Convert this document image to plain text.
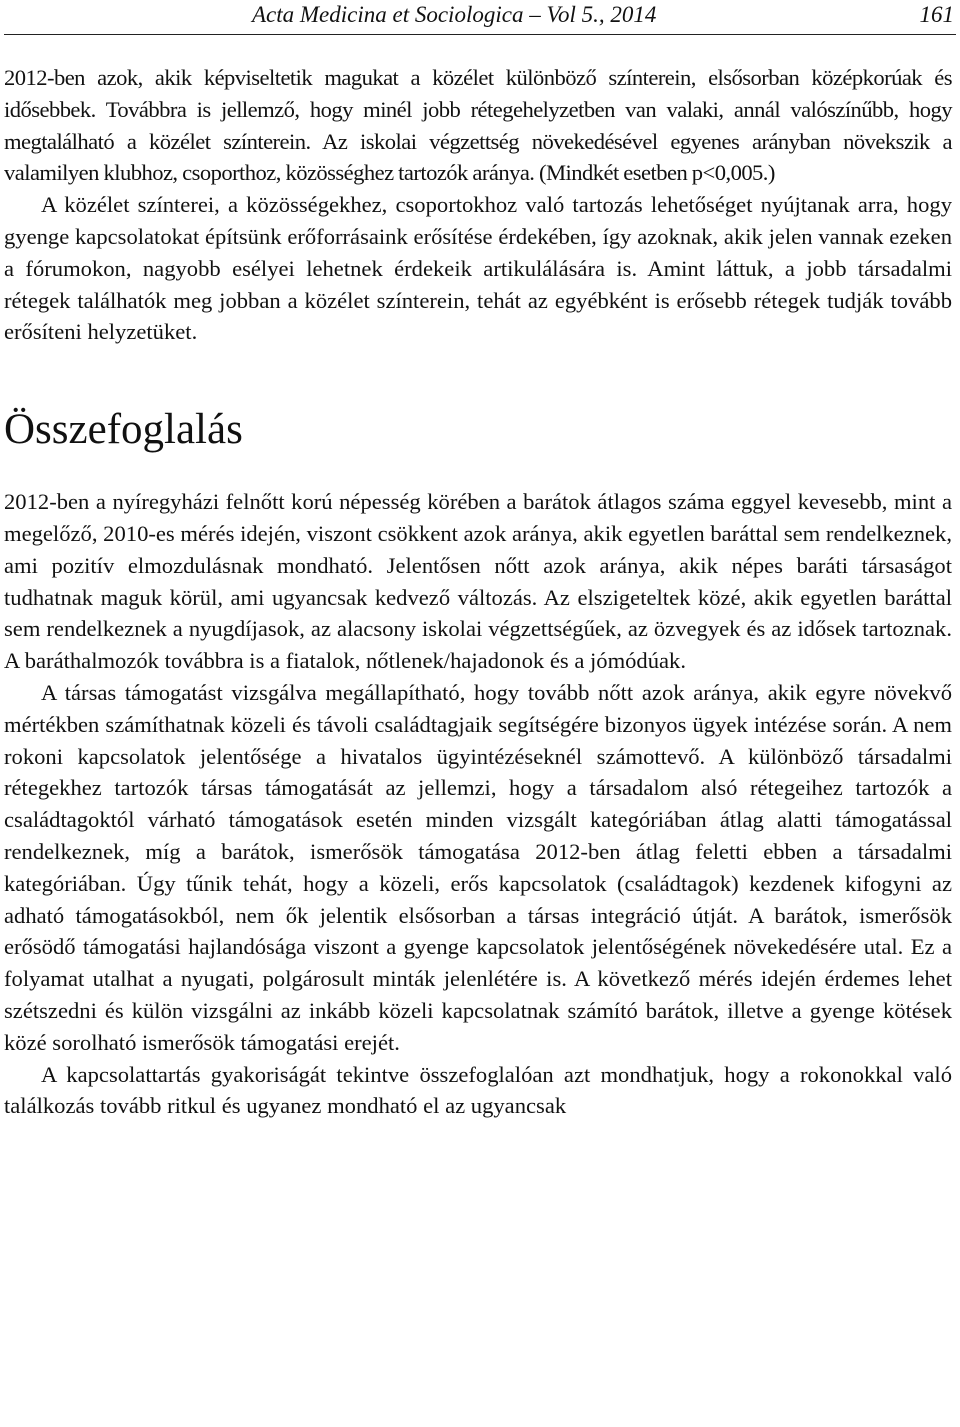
Acta Medicina et Sociologica – Vol 5., 2014	161

2012-ben azok, akik képviseltetik magukat a közélet különböző színterein, elsősorban középkorúak és idősebbek. Továbbra is jellemző, hogy minél jobb rétegehelyzetben van valaki, annál valószínűbb, hogy megtalálható a közélet színterein. Az iskolai végzettség növekedésével egyenes arányban növekszik a valamilyen klubhoz, csoporthoz, közösséghez tartozók aránya. (Mindkét esetben p<0,005.)

A közélet színterei, a közösségekhez, csoportokhoz való tartozás lehetőséget nyújtanak arra, hogy gyenge kapcsolatokat építsünk erőforrásaink erősítése érdekében, így azoknak, akik jelen vannak ezeken a fórumokon, nagyobb esélyei lehetnek érdekeik artikulálására is. Amint láttuk, a jobb társadalmi rétegek találhatók meg jobban a közélet színterein, tehát az egyébként is erősebb rétegek tudják tovább erősíteni helyzetüket.

Összefoglalás

2012-ben a nyíregyházi felnőtt korú népesség körében a barátok átlagos száma eggyel kevesebb, mint a megelőző, 2010-es mérés idején, viszont csökkent azok aránya, akik egyetlen baráttal sem rendelkeznek, ami pozitív elmozdulásnak mondható. Jelentősen nőtt azok aránya, akik népes baráti társaságot tudhatnak maguk körül, ami ugyancsak kedvező változás. Az elszigeteltek közé, akik egyetlen baráttal sem rendelkeznek a nyugdíjasok, az alacsony iskolai végzettségűek, az özvegyek és az idősek tartoznak. A baráthalmozók továbbra is a fiatalok, nőtlenek/hajadonok és a jómódúak.

A társas támogatást vizsgálva megállapítható, hogy tovább nőtt azok aránya, akik egyre növekvő mértékben számíthatnak közeli és távoli családtagjaik segítségére bizonyos ügyek intézése során. A nem rokoni kapcsolatok jelentősége a hivatalos ügyintézéseknél számottevő. A különböző társadalmi rétegekhez tartozók társas támogatását az jellemzi, hogy a társadalom alsó rétegeihez tartozók a családtagoktól várható támogatások esetén minden vizsgált kategóriában átlag alatti támogatással rendelkeznek, míg a barátok, ismerősök támogatása 2012-ben átlag feletti ebben a társadalmi kategóriában. Úgy tűnik tehát, hogy a közeli, erős kapcsolatok (családtagok) kezdenek kifogyni az adható támogatásokból, nem ők jelentik elsősorban a társas integráció útját. A barátok, ismerősök erősödő támogatási hajlandósága viszont a gyenge kapcsolatok jelentőségének növekedésére utal. Ez a folyamat utalhat a nyugati, polgárosult minták jelenlétére is. A következő mérés idején érdemes lehet szétszedni és külön vizsgálni az inkább közeli kapcsolatnak számító barátok, illetve a gyenge kötések közé sorolható ismerősök támogatási erejét.

A kapcsolattartás gyakoriságát tekintve összefoglalóan azt mondhatjuk, hogy a rokonokkal való találkozás tovább ritkul és ugyanez mondható el az ugyancsak
